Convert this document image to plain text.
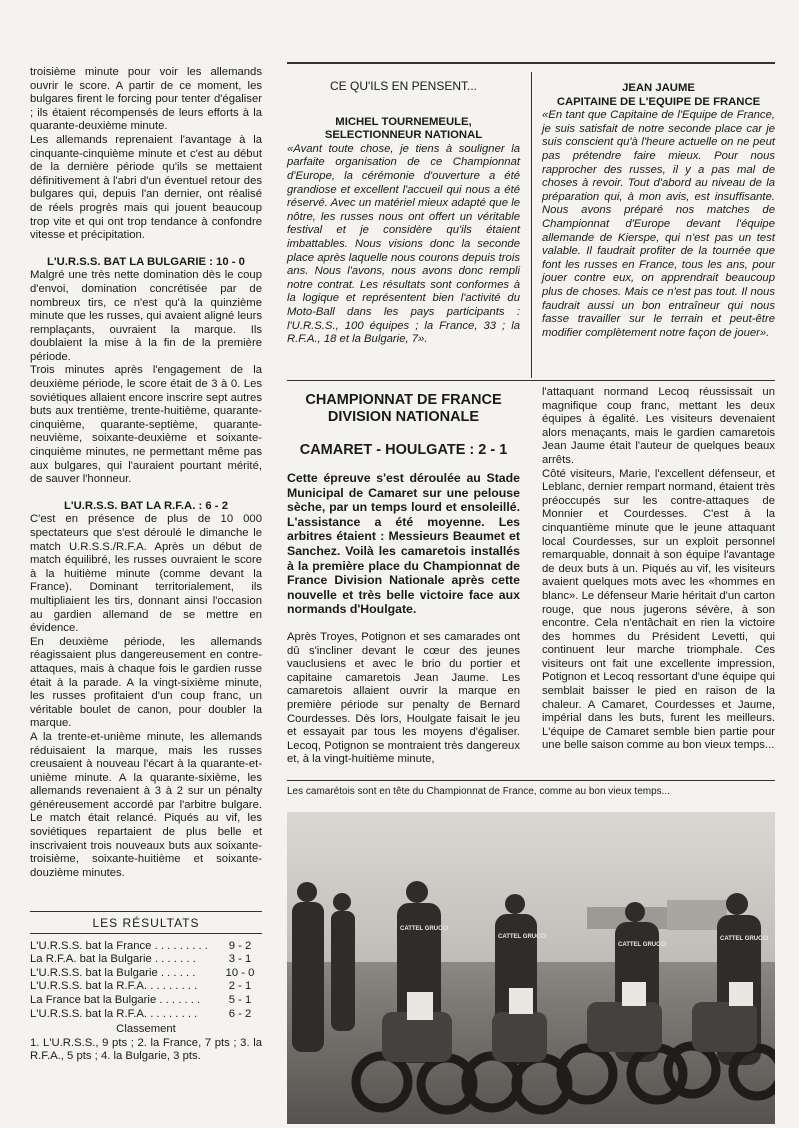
troisième minute pour voir les allemands ouvrir le score. A partir de ce moment, les bulgares firent le forcing pour tenter d'égaliser ; ils étaient récompensés de leurs efforts à la quarante-deuxième minute.

Les allemands reprenaient l'avantage à la cinquante-cinquième minute et c'est au début de la dernière période qu'ils se mettaient définitivement à l'abri d'un éventuel retour des bulgares qui, depuis l'an dernier, ont réalisé de réels progrès mais qui jouent beaucoup trop vite et qui ont trop tendance à confondre vitesse et précipitation.

L'U.R.S.S. BAT LA BULGARIE : 10 - 0

Malgré une très nette domination dès le coup d'envoi, domination concrétisée par de nombreux tirs, ce n'est qu'à la quinzième minute que les russes, qui avaient aligné leurs remplaçants, ouvraient la marque. Ils doublaient la mise à la fin de la première période.

Trois minutes après l'engagement de la deuxième période, le score était de 3 à 0. Les soviétiques allaient encore inscrire sept autres buts aux trentième, trente-huitième, quarante-cinquième, quarante-septième, quarante-neuvième, soixante-deuxième et soixante-cinquième minutes, ne permettant même pas aux bulgares, qui l'auraient pourtant mérité, de sauver l'honneur.

L'U.R.S.S. BAT LA R.F.A. : 6 - 2

C'est en présence de plus de 10 000 spectateurs que s'est déroulé le dimanche le match U.R.S.S./R.F.A. Après un début de match équilibré, les russes ouvraient le score à la huitième minute (comme devant la France). Dominant territorialement, ils multipliaient les tirs, donnant ainsi l'occasion au gardien allemand de se mettre en évidence.

En deuxième période, les allemands réagissaient plus dangereusement en contre-attaques, mais à chaque fois le gardien russe était à la parade. A la vingt-sixième minute, les russes profitaient d'un coup franc, un véritable boulet de canon, pour doubler la marque.

A la trente-et-unième minute, les allemands réduisaient la marque, mais les russes creusaient à nouveau l'écart à la quarante-et-unième minute. A la quarante-sixième, les allemands revenaient à 3 à 2 sur un pénalty généreusement accordé par l'arbitre bulgare. Le match était relancé. Piqués au vif, les soviétiques repartaient de plus belle et inscrivaient trois nouveaux buts aux soixante-troisième, soixante-huitième et soixante-douzième minutes.

LES RÉSULTATS

L'U.R.S.S. bat la France . . . . . . . . .	9 - 2
La R.F.A. bat la Bulgarie . . . . . . .	3 - 1
L'U.R.S.S. bat la Bulgarie . . . . . .	10 - 0
L'U.R.S.S. bat la R.F.A. . . . . . . . .	2 - 1
La France bat la Bulgarie . . . . . . .	5 - 1
L'U.R.S.S. bat la R.F.A. . . . . . . . .	6 - 2

Classement

1. L'U.R.S.S., 9 pts ; 2. la France, 7 pts ; 3. la R.F.A., 5 pts ; 4. la Bulgarie, 3 pts.

CE QU'ILS EN PENSENT...

MICHEL TOURNEMEULE,

SELECTIONNEUR NATIONAL

«Avant toute chose, je tiens à souligner la parfaite organisation de ce Championnat d'Europe, la cérémonie d'ouverture a été grandiose et excellent l'accueil qui nous a été réservé. Avec un matériel mieux adapté que le nôtre, les russes nous ont offert un véritable festival et je considère qu'ils étaient imbattables. Nous visions donc la seconde place après laquelle nous courons depuis trois ans. Nous l'avons, nous avons donc rempli notre contrat. Les résultats sont conformes à la logique et représentent bien l'activité du Moto-Ball dans les pays participants : l'U.R.S.S., 100 équipes ; la France, 33 ; la R.F.A., 18 et la Bulgarie, 7».

JEAN JAUME

CAPITAINE DE L'EQUIPE DE FRANCE

«En tant que Capitaine de l'Equipe de France, je suis satisfait de notre seconde place car je suis conscient qu'à l'heure actuelle on ne peut pas prétendre faire mieux. Pour nous rapprocher des russes, il y a pas mal de choses à revoir. Tout d'abord au niveau de la préparation qui, à mon avis, est insuffisante. Nous avons préparé nos matches de Championnat d'Europe devant l'équipe allemande de Kierspe, qui n'est pas un test valable. Il faudrait profiter de la tournée que font les russes en France, tous les ans, pour jouer contre eux, on apprendrait beaucoup plus de choses. Mais ce n'est pas tout. Il nous faudrait aussi un bon entraîneur qui nous fasse travailler sur le terrain et peut-être modifier complètement notre façon de jouer».

CHAMPIONNAT DE FRANCE

DIVISION NATIONALE

CAMARET - HOULGATE : 2 - 1

Cette épreuve s'est déroulée au Stade Municipal de Camaret sur une pelouse sèche, par un temps lourd et ensoleillé. L'assistance a été moyenne. Les arbitres étaient : Messieurs Beaumet et Sanchez. Voilà les camaretois installés à la première place du Championnat de France Division Nationale après cette nouvelle et très belle victoire face aux normands d'Houlgate.

Après Troyes, Potignon et ses camarades ont dû s'incliner devant le cœur des jeunes vauclusiens et avec le brio du portier et capitaine camaretois Jean Jaume. Les camaretois allaient ouvrir la marque en première période sur penalty de Bernard Courdesses. Dès lors, Houlgate faisait le jeu et essayait par tous les moyens d'égaliser. Lecoq, Potignon se montraient très dangereux et, à la vingt-huitième minute,

l'attaquant normand Lecoq réussissait un magnifique coup franc, mettant les deux équipes à égalité. Les visiteurs devenaient alors menaçants, mais le gardien camaretois Jean Jaume était l'auteur de quelques beaux arrêts.

Côté visiteurs, Marie, l'excellent défenseur, et Leblanc, dernier rempart normand, étaient très préoccupés sur les contre-attaques de Monnier et Courdesses. C'est à la cinquantième minute que le jeune attaquant local Courdesses, sur un exploit personnel remarquable, donnait à son équipe l'avantage de deux buts à un. Piqués au vif, les visiteurs avaient quelques mots avec les «hommes en blanc». Le défenseur Marie héritait d'un carton rouge, que nous jugerons sévère, à son encontre. Cela n'entâchait en rien la victoire des hommes du Président Levetti, qui continuent leur marche triomphale. Ces visiteurs ont fait une excellente impression, Potignon et Lecoq ressortant d'une équipe qui semblait baisser le pied en raison de la chaleur. A Camaret, Courdesses et Jaume, impérial dans les buts, furent les meilleurs. L'équipe de Camaret semble bien partie pour une belle saison comme au bon vieux temps...

Les camarétois sont en tête du Championnat de France, comme au bon vieux temps...
CATTEL GRUCCI
CATTEL GRUCCI
CATTEL GRUCCI
CATTEL GRUCCI
